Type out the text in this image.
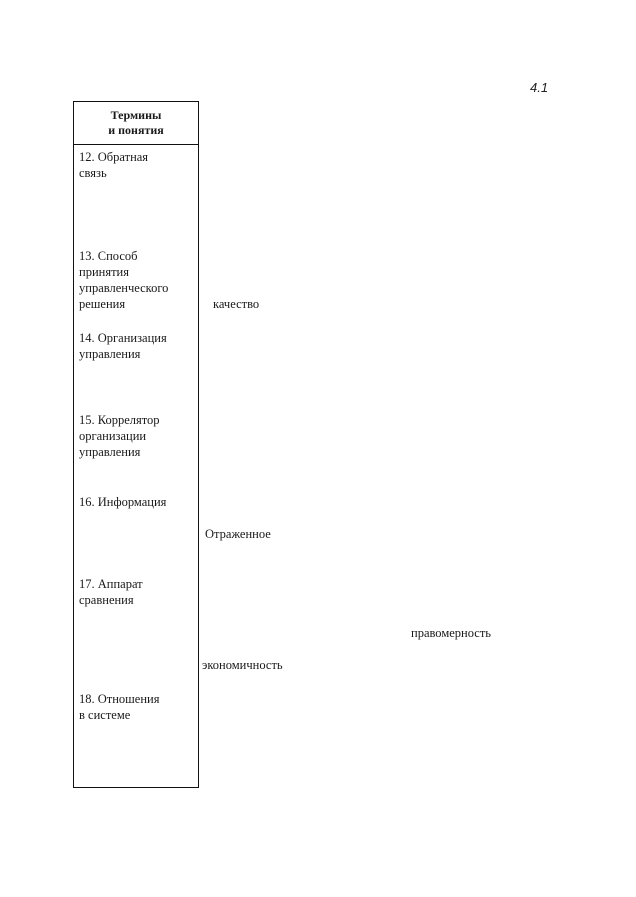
4.1
Термины
и понятия
12. Обратная
связь
13. Способ
принятия
управленческого
решения
14. Организация
управления
15. Коррелятор
организации
управления
16. Информация
17. Аппарат
сравнения
18. Отношения
в системе
качество
Отраженное
правомерность
экономичность
